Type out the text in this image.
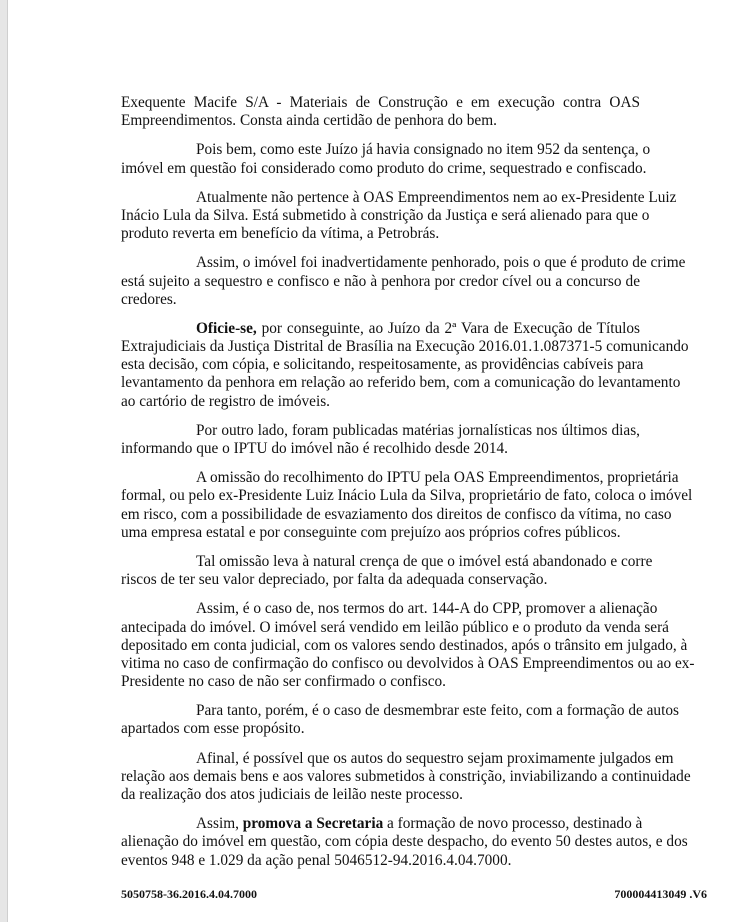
Exequente Macife S/A - Materiais de Construção e em execução contra OAS
Empreendimentos. Consta ainda certidão de penhora do bem.
Pois bem, como este Juízo já havia consignado no item 952 da sentença, o
imóvel em questão foi considerado como produto do crime, sequestrado e confiscado.
Atualmente não pertence à OAS Empreendimentos nem ao ex-Presidente Luiz
Inácio Lula da Silva. Está submetido à constrição da Justiça e será alienado para que o
produto reverta em benefício da vítima, a Petrobrás.
Assim, o imóvel foi inadvertidamente penhorado, pois o que é produto de crime
está sujeito a sequestro e confisco e não à penhora por credor cível ou a concurso de
credores.
Oficie-se, por conseguinte, ao Juízo da 2ª Vara de Execução de Títulos
Extrajudiciais da Justiça Distrital de Brasília na Execução 2016.01.1.087371-5 comunicando
esta decisão, com cópia, e solicitando, respeitosamente, as providências cabíveis para
levantamento da penhora em relação ao referido bem, com a comunicação do levantamento
ao cartório de registro de imóveis.
Por outro lado, foram publicadas matérias jornalísticas nos últimos dias,
informando que o IPTU do imóvel não é recolhido desde 2014.
A omissão do recolhimento do IPTU pela OAS Empreendimentos, proprietária
formal, ou pelo ex-Presidente Luiz Inácio Lula da Silva, proprietário de fato, coloca o imóvel
em risco, com a possibilidade de esvaziamento dos direitos de confisco da vítima, no caso
uma empresa estatal e por conseguinte com prejuízo aos próprios cofres públicos.
Tal omissão leva à natural crença de que o imóvel está abandonado e corre
riscos de ter seu valor depreciado, por falta da adequada conservação.
Assim, é o caso de, nos termos do art. 144-A do CPP, promover a alienação
antecipada do imóvel. O imóvel será vendido em leilão público e o produto da venda será
depositado em conta judicial, com os valores sendo destinados, após o trânsito em julgado, à
vitima no caso de confirmação do confisco ou devolvidos à OAS Empreendimentos ou ao ex-
Presidente no caso de não ser confirmado o confisco.
Para tanto, porém, é o caso de desmembrar este feito, com a formação de autos
apartados com esse propósito.
Afinal, é possível que os autos do sequestro sejam proximamente julgados em
relação aos demais bens e aos valores submetidos à constrição, inviabilizando a continuidade
da realização dos atos judiciais de leilão neste processo.
Assim, promova a Secretaria a formação de novo processo, destinado à
alienação do imóvel em questão, com cópia deste despacho, do evento 50 destes autos, e dos
eventos 948 e 1.029 da ação penal 5046512-94.2016.4.04.7000.
5050758-36.2016.4.04.7000	700004413049 .V6
